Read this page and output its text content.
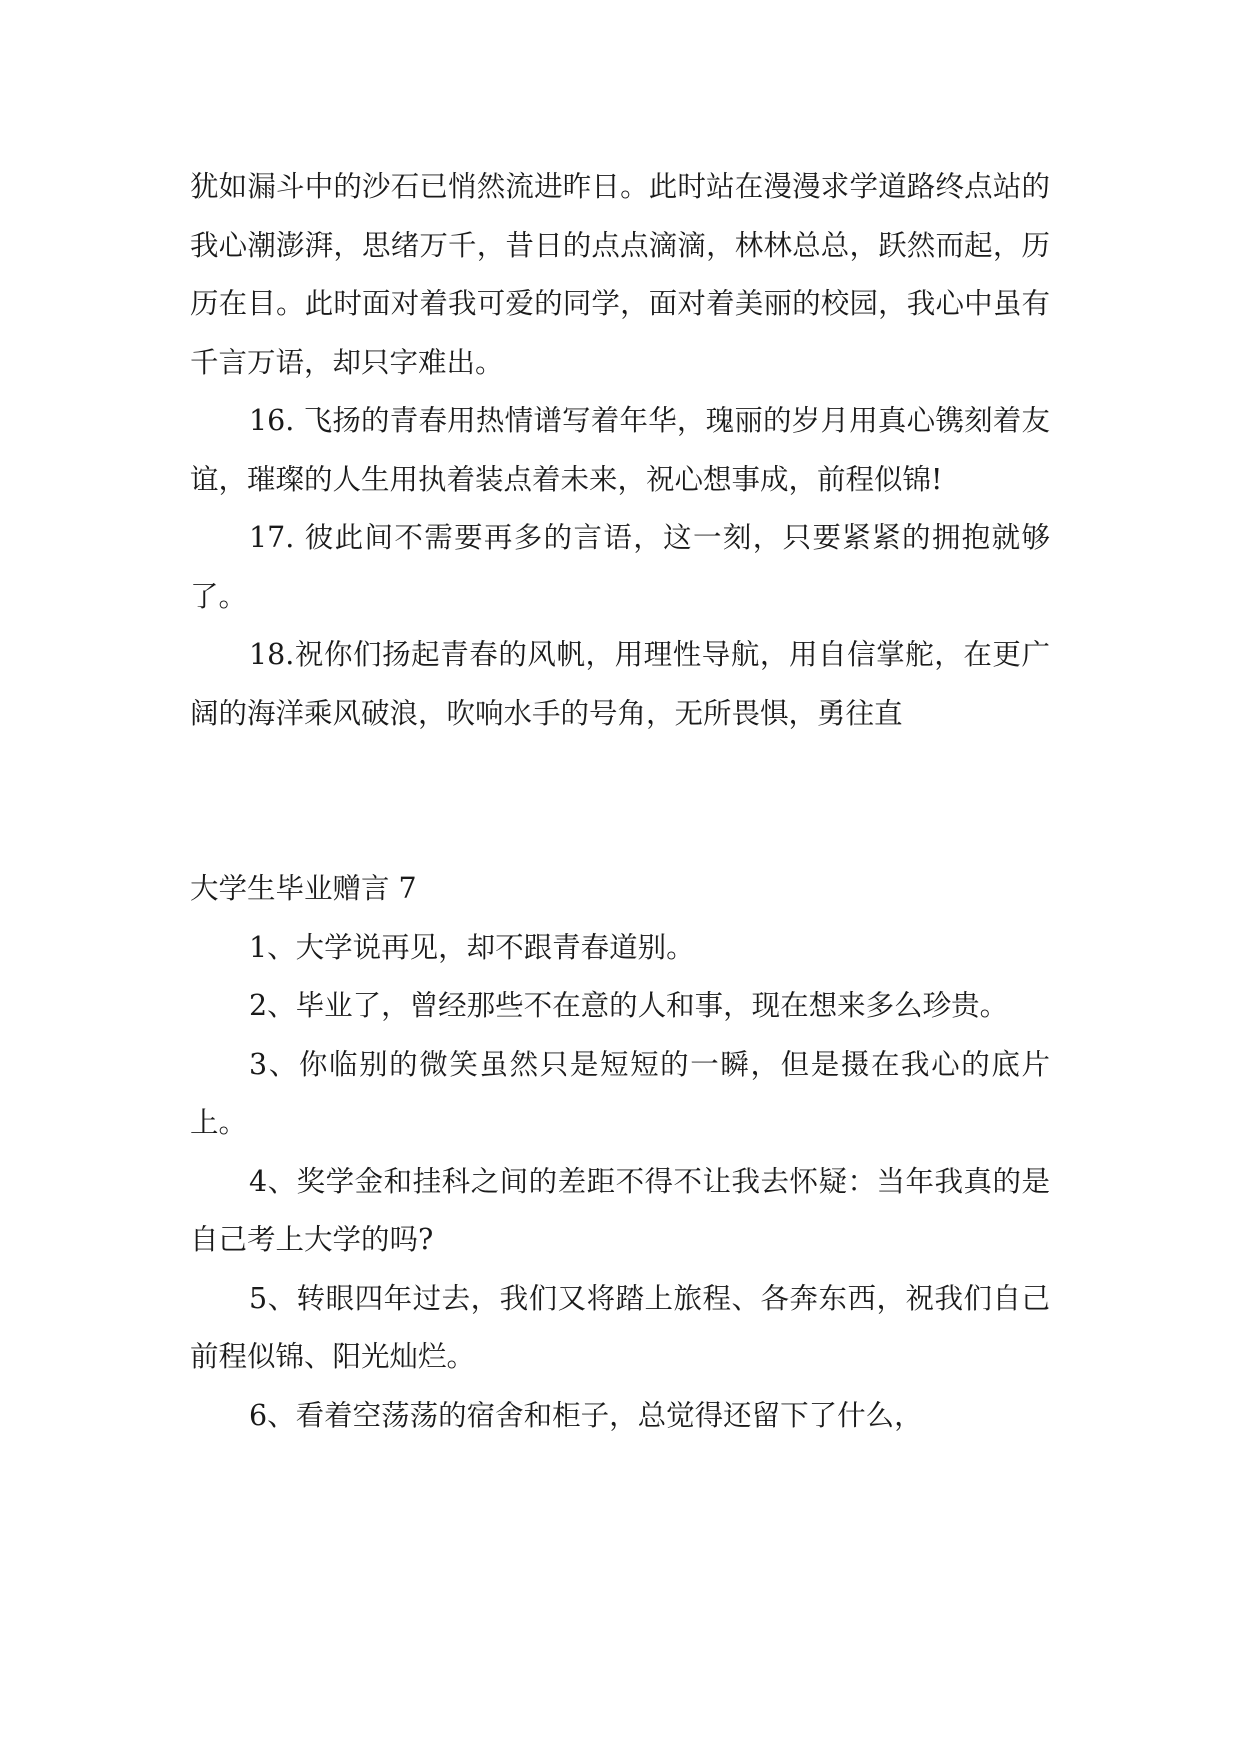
犹如漏斗中的沙石已悄然流进昨日。此时站在漫漫求学道路终点站的我心潮澎湃，思绪万千，昔日的点点滴滴，林林总总，跃然而起，历历在目。此时面对着我可爱的同学，面对着美丽的校园，我心中虽有千言万语，却只字难出。

16. 飞扬的青春用热情谱写着年华，瑰丽的岁月用真心镌刻着友谊，璀璨的人生用执着装点着未来，祝心想事成，前程似锦!

17. 彼此间不需要再多的言语，这一刻，只要紧紧的拥抱就够了。

18.祝你们扬起青春的风帆，用理性导航，用自信掌舵，在更广阔的海洋乘风破浪，吹响水手的号角，无所畏惧，勇往直

大学生毕业赠言 7

1、大学说再见，却不跟青春道别。

2、毕业了，曾经那些不在意的人和事，现在想来多么珍贵。

3、你临别的微笑虽然只是短短的一瞬，但是摄在我心的底片上。

4、奖学金和挂科之间的差距不得不让我去怀疑：当年我真的是自己考上大学的吗?

5、转眼四年过去，我们又将踏上旅程、各奔东西，祝我们自己前程似锦、阳光灿烂。

6、看着空荡荡的宿舍和柜子，总觉得还留下了什么，
